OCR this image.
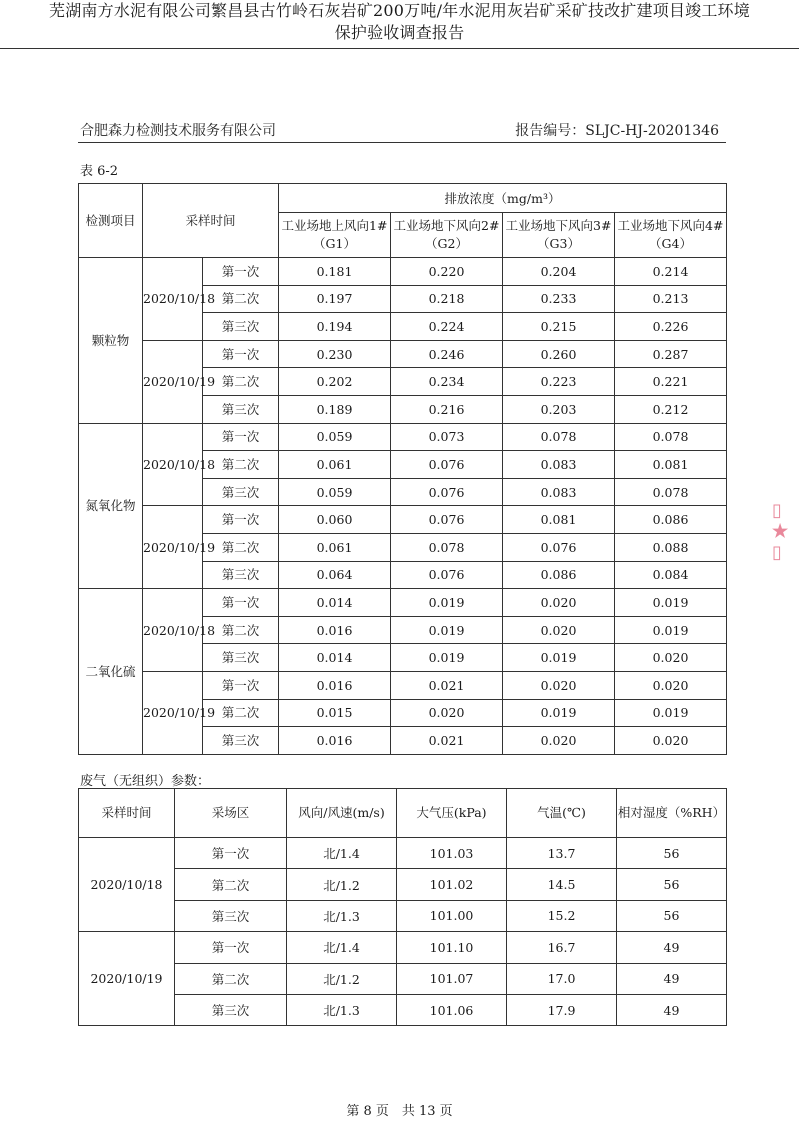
芜湖南方水泥有限公司繁昌县古竹岭石灰岩矿200万吨/年水泥用灰岩矿采矿技改扩建项目竣工环境
保护验收调查报告
合肥森力检测技术服务有限公司	报告编号：SLJC-HJ-20201346
表 6-2
检测项目	采样时间		排放浓度（mg/m³）			
			工业场地上风向1#（G1）	工业场地下风向2#（G2）	工业场地下风向3#（G3）	工业场地下风向4#（G4）
颗粒物	2020/10/18	第一次	0.181	0.220	0.204	0.214
		第二次	0.197	0.218	0.233	0.213
		第三次	0.194	0.224	0.215	0.226
	2020/10/19	第一次	0.230	0.246	0.260	0.287
		第二次	0.202	0.234	0.223	0.221
		第三次	0.189	0.216	0.203	0.212
氮氧化物	2020/10/18	第一次	0.059	0.073	0.078	0.078
		第二次	0.061	0.076	0.083	0.081
		第三次	0.059	0.076	0.083	0.078
	2020/10/19	第一次	0.060	0.076	0.081	0.086
		第二次	0.061	0.078	0.076	0.088
		第三次	0.064	0.076	0.086	0.084
二氧化硫	2020/10/18	第一次	0.014	0.019	0.020	0.019
		第二次	0.016	0.019	0.020	0.019
		第三次	0.014	0.019	0.019	0.020
	2020/10/19	第一次	0.016	0.021	0.020	0.020
		第二次	0.015	0.020	0.019	0.019
		第三次	0.016	0.021	0.020	0.020
废气（无组织）参数：
采样时间	采场区	风向/风速(m/s)	大气压(kPa)	气温(℃)	相对湿度（%RH）
2020/10/18	第一次	北/1.4	101.03	13.7	56
	第二次	北/1.2	101.02	14.5	56
	第三次	北/1.3	101.00	15.2	56
2020/10/19	第一次	北/1.4	101.10	16.7	49
	第二次	北/1.2	101.07	17.0	49
	第三次	北/1.3	101.06	17.9	49
第 8 页　共 13 页
▯
★
▯
